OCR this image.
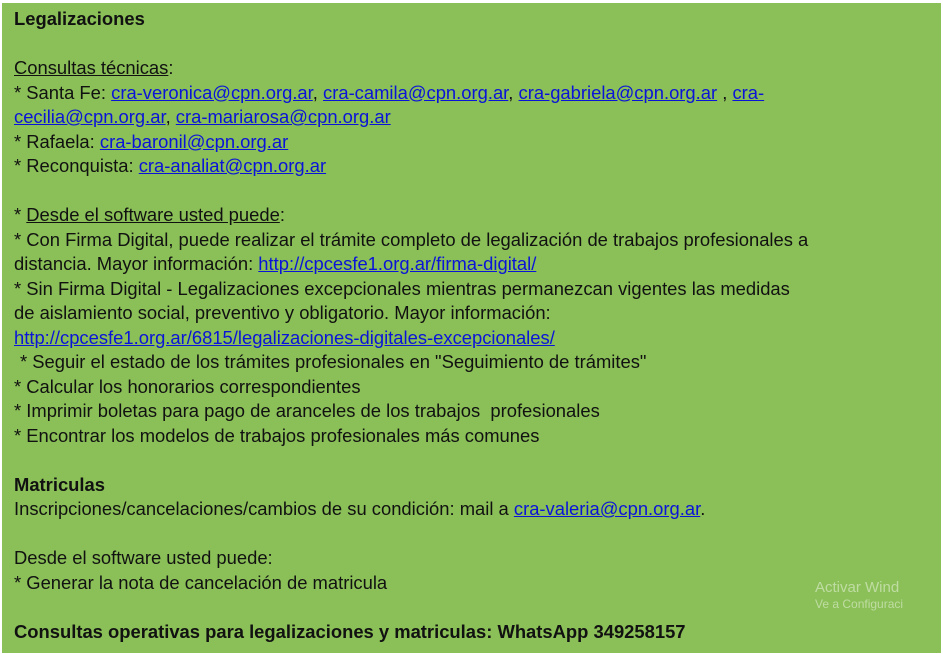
Legalizaciones
Consultas técnicas:
* Santa Fe: cra-veronica@cpn.org.ar, cra-camila@cpn.org.ar, cra-gabriela@cpn.org.ar , cra-
cecilia@cpn.org.ar, cra-mariarosa@cpn.org.ar
* Rafaela: cra-baronil@cpn.org.ar
* Reconquista: cra-analiat@cpn.org.ar
* Desde el software usted puede:
* Con Firma Digital, puede realizar el trámite completo de legalización de trabajos profesionales a
distancia. Mayor información: http://cpcesfe1.org.ar/firma-digital/
* Sin Firma Digital - Legalizaciones excepcionales mientras permanezcan vigentes las medidas
de aislamiento social, preventivo y obligatorio. Mayor información:
http://cpcesfe1.org.ar/6815/legalizaciones-digitales-excepcionales/
* Seguir el estado de los trámites profesionales en "Seguimiento de trámites"
* Calcular los honorarios correspondientes
* Imprimir boletas para pago de aranceles de los trabajos  profesionales
* Encontrar los modelos de trabajos profesionales más comunes
Matriculas
Inscripciones/cancelaciones/cambios de su condición: mail a cra-valeria@cpn.org.ar.
Desde el software usted puede:
* Generar la nota de cancelación de matricula
Consultas operativas para legalizaciones y matriculas: WhatsApp 349258157
Activar Wind
Ve a Configuraci
